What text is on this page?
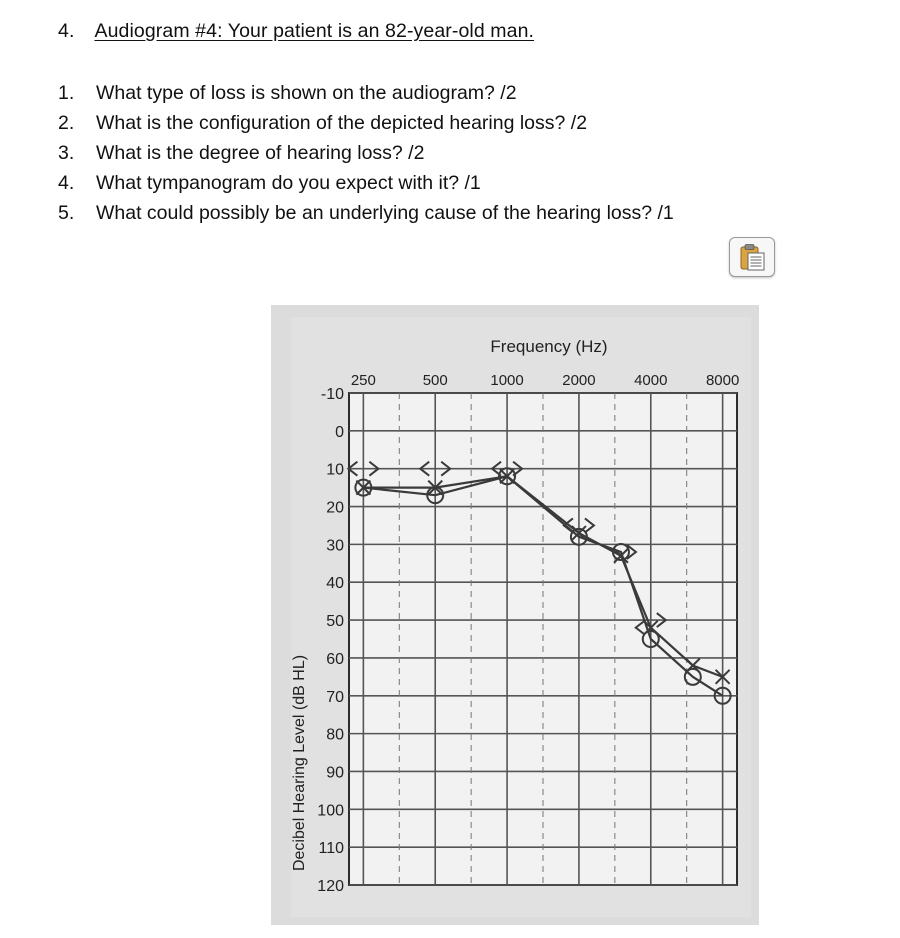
4. Audiogram #4: Your patient is an 82-year-old man.
1. What type of loss is shown on the audiogram? /2
2. What is the configuration of the depicted hearing loss? /2
3. What is the degree of hearing loss? /2
4. What tympanogram do you expect with it? /1
5. What could possibly be an underlying cause of the hearing loss? /1
-10
0
10
20
30
40
50
60
70
80
90
100
110
120
250	500	1000	2000	4000	8000
Frequency (Hz)
Decibel Hearing Level (dB HL)
